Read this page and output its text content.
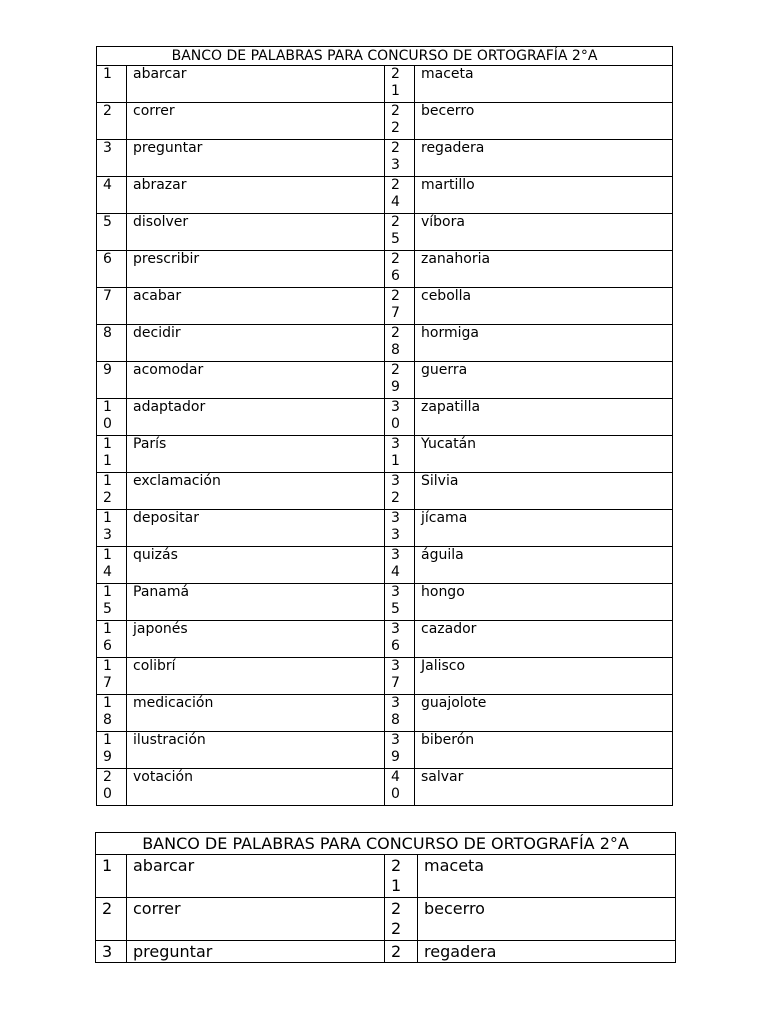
BANCO DE PALABRAS PARA CONCURSO DE ORTOGRAFÍA 2°A			

1	abarcar	21	maceta

2	correr	22	becerro

3	preguntar	23	regadera

4	abrazar	24	martillo

5	disolver	25	víbora

6	prescribir	26	zanahoria

7	acabar	27	cebolla

8	decidir	28	hormiga

9	acomodar	29	guerra

10	adaptador	30	zapatilla

11	París	31	Yucatán

12	exclamación	32	Silvia

13	depositar	33	jícama

14	quizás	34	águila

15	Panamá	35	hongo

16	japonés	36	cazador

17	colibrí	37	Jalisco

18	medicación	38	guajolote

19	ilustración	39	biberón

20	votación	40	salvar
BANCO DE PALABRAS PARA CONCURSO DE ORTOGRAFÍA 2°A			

1	abarcar	21	maceta

2	correr	22	becerro

3	preguntar	2	regadera
